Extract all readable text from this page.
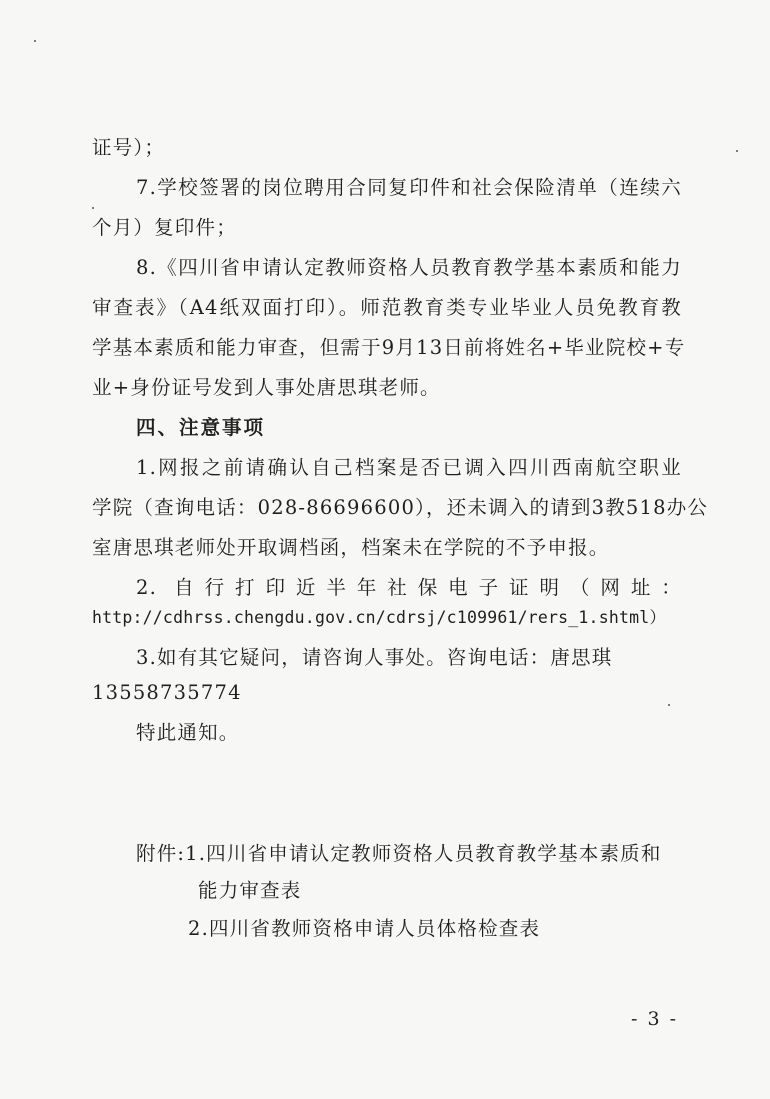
证号）；
7.学校签署的岗位聘用合同复印件和社会保险清单（连续六
个月）复印件；
8.《四川省申请认定教师资格人员教育教学基本素质和能力
审查表》（A4纸双面打印）。师范教育类专业毕业人员免教育教
学基本素质和能力审查，但需于9月13日前将姓名+毕业院校+专
业+身份证号发到人事处唐思琪老师。
四、注意事项
1.网报之前请确认自己档案是否已调入四川西南航空职业
学院（查询电话：028-86696600），还未调入的请到3教518办公
室唐思琪老师处开取调档函，档案未在学院的不予申报。
2. 自行打印近半年社保电子证明（网址：
http://cdhrss.chengdu.gov.cn/cdrsj/c109961/rers_1.shtml）
3.如有其它疑问，请咨询人事处。咨询电话：唐思琪
13558735774
特此通知。
附件:1.四川省申请认定教师资格人员教育教学基本素质和
能力审查表
2.四川省教师资格申请人员体格检查表
- 3 -
